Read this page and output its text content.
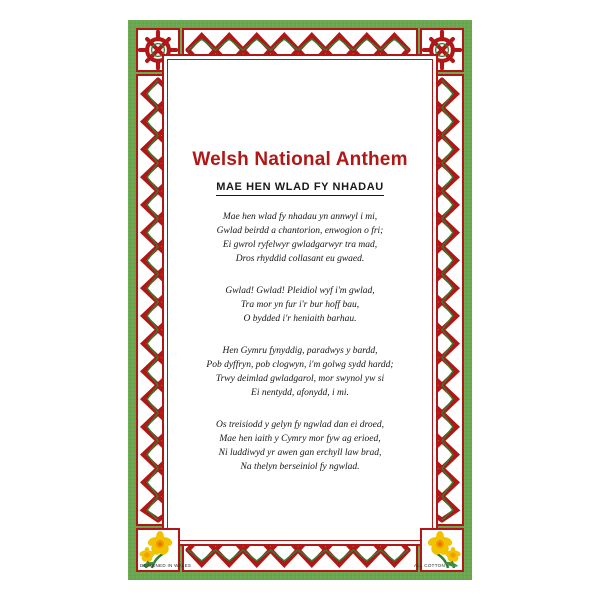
Welsh National Anthem
MAE HEN WLAD FY NHADAU
Mae hen wlad fy nhadau yn annwyl i mi,
Gwlad beirdd a chantorion, enwogion o fri;
Ei gwrol ryfelwyr gwladgarwyr tra mad,
Dros rhyddid collasant eu gwaed.
Gwlad! Gwlad! Pleidiol wyf i'm gwlad,
Tra mor yn fur i'r bur hoff bau,
O bydded i'r heniaith barhau.
Hen Gymru fynyddig, paradwys y bardd,
Pob dyffryn, pob clogwyn, i'm golwg sydd hardd;
Trwy deimlad gwladgarol, mor swynol yw si
Ei nentydd, afonydd, i mi.
Os treisiodd y gelyn fy ngwlad dan ei droed,
Mae hen iaith y Cymry mor fyw ag erioed,
Ni luddiwyd yr awen gan erchyll law brad,
Na thelyn berseiniol fy ngwlad.
DESIGNED IN WALES	ALL COTTON
